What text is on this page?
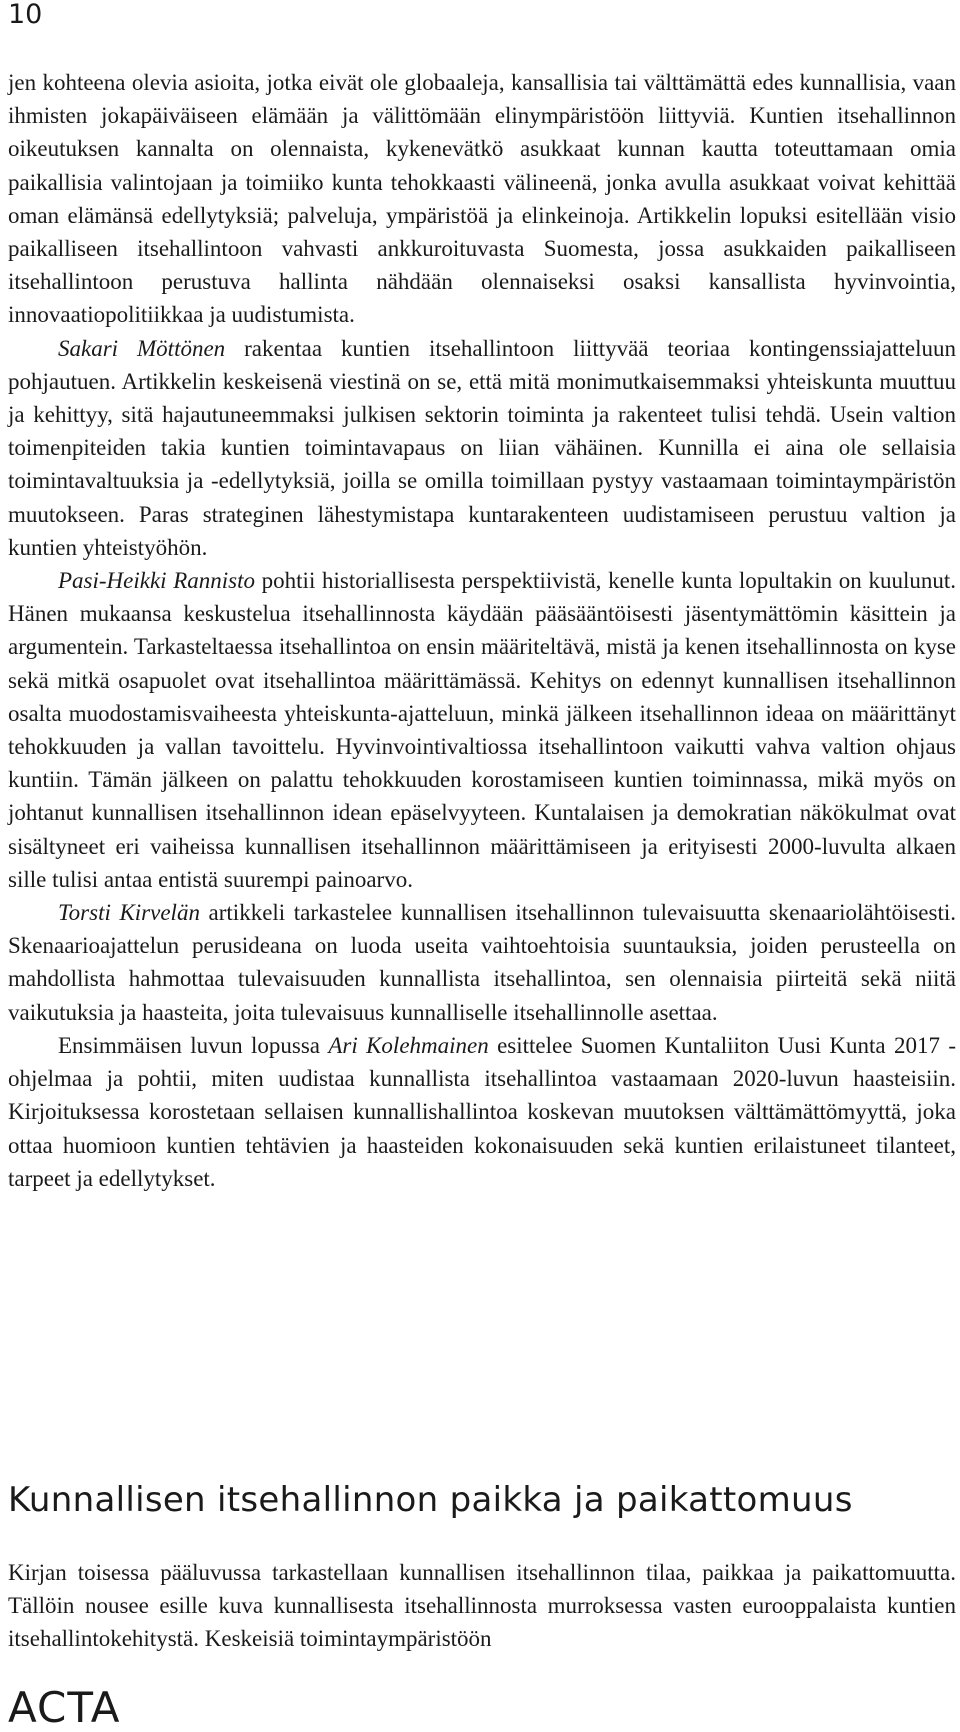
10

jen kohteena olevia asioita, jotka eivät ole globaaleja, kansallisia tai välttämättä edes kunnallisia, vaan ihmisten jokapäiväiseen elämään ja välittömään elinympäristöön liittyviä. Kuntien itsehallinnon oikeutuksen kannalta on olennaista, kykenevätkö asukkaat kunnan kautta toteuttamaan omia paikallisia valintojaan ja toimiiko kunta tehokkaasti välineenä, jonka avulla asukkaat voivat kehittää oman elämänsä edellytyksiä; palveluja, ympäristöä ja elinkeinoja. Artikkelin lopuksi esitellään visio paikalliseen itsehallintoon vahvasti ankkuroituvasta Suomesta, jossa asukkaiden paikalliseen itsehallintoon perustuva hallinta nähdään olennaiseksi osaksi kansallista hyvinvointia, innovaatiopolitiikkaa ja uudistumista.

Sakari Möttönen rakentaa kuntien itsehallintoon liittyvää teoriaa kontingenssiajatteluun pohjautuen. Artikkelin keskeisenä viestinä on se, että mitä monimutkaisemmaksi yhteiskunta muuttuu ja kehittyy, sitä hajautuneemmaksi julkisen sektorin toiminta ja rakenteet tulisi tehdä. Usein valtion toimenpiteiden takia kuntien toimintavapaus on liian vähäinen. Kunnilla ei aina ole sellaisia toimintavaltuuksia ja -edellytyksiä, joilla se omilla toimillaan pystyy vastaamaan toimintaympäristön muutokseen. Paras strateginen lähestymistapa kuntarakenteen uudistamiseen perustuu valtion ja kuntien yhteistyöhön.

Pasi-Heikki Rannisto pohtii historiallisesta perspektiivistä, kenelle kunta lopultakin on kuulunut. Hänen mukaansa keskustelua itsehallinnosta käydään pääsääntöisesti jäsentymättömin käsittein ja argumentein. Tarkasteltaessa itsehallintoa on ensin määriteltävä, mistä ja kenen itsehallinnosta on kyse sekä mitkä osapuolet ovat itsehallintoa määrittämässä. Kehitys on edennyt kunnallisen itsehallinnon osalta muodostamisvaiheesta yhteiskunta-ajatteluun, minkä jälkeen itsehallinnon ideaa on määrittänyt tehokkuuden ja vallan tavoittelu. Hyvinvointivaltiossa itsehallintoon vaikutti vahva valtion ohjaus kuntiin. Tämän jälkeen on palattu tehokkuuden korostamiseen kuntien toiminnassa, mikä myös on johtanut kunnallisen itsehallinnon idean epäselvyyteen. Kuntalaisen ja demokratian näkökulmat ovat sisältyneet eri vaiheissa kunnallisen itsehallinnon määrittämiseen ja erityisesti 2000-luvulta alkaen sille tulisi antaa entistä suurempi painoarvo.

Torsti Kirvelän artikkeli tarkastelee kunnallisen itsehallinnon tulevaisuutta skenaariolähtöisesti. Skenaarioajattelun perusideana on luoda useita vaihtoehtoisia suuntauksia, joiden perusteella on mahdollista hahmottaa tulevaisuuden kunnallista itsehallintoa, sen olennaisia piirteitä sekä niitä vaikutuksia ja haasteita, joita tulevaisuus kunnalliselle itsehallinnolle asettaa.

Ensimmäisen luvun lopussa Ari Kolehmainen esittelee Suomen Kuntaliiton Uusi Kunta 2017 -ohjelmaa ja pohtii, miten uudistaa kunnallista itsehallintoa vastaamaan 2020-luvun haasteisiin. Kirjoituksessa korostetaan sellaisen kunnallishallintoa koskevan muutoksen välttämättömyyttä, joka ottaa huomioon kuntien tehtävien ja haasteiden kokonaisuuden sekä kuntien erilaistuneet tilanteet, tarpeet ja edellytykset.

Kunnallisen itsehallinnon paikka ja paikattomuus

Kirjan toisessa pääluvussa tarkastellaan kunnallisen itsehallinnon tilaa, paikkaa ja paikattomuutta. Tällöin nousee esille kuva kunnallisesta itsehallinnosta murroksessa vasten eurooppalaista kuntien itsehallintokehitystä. Keskeisiä toimintaympäristöön

ACTA
